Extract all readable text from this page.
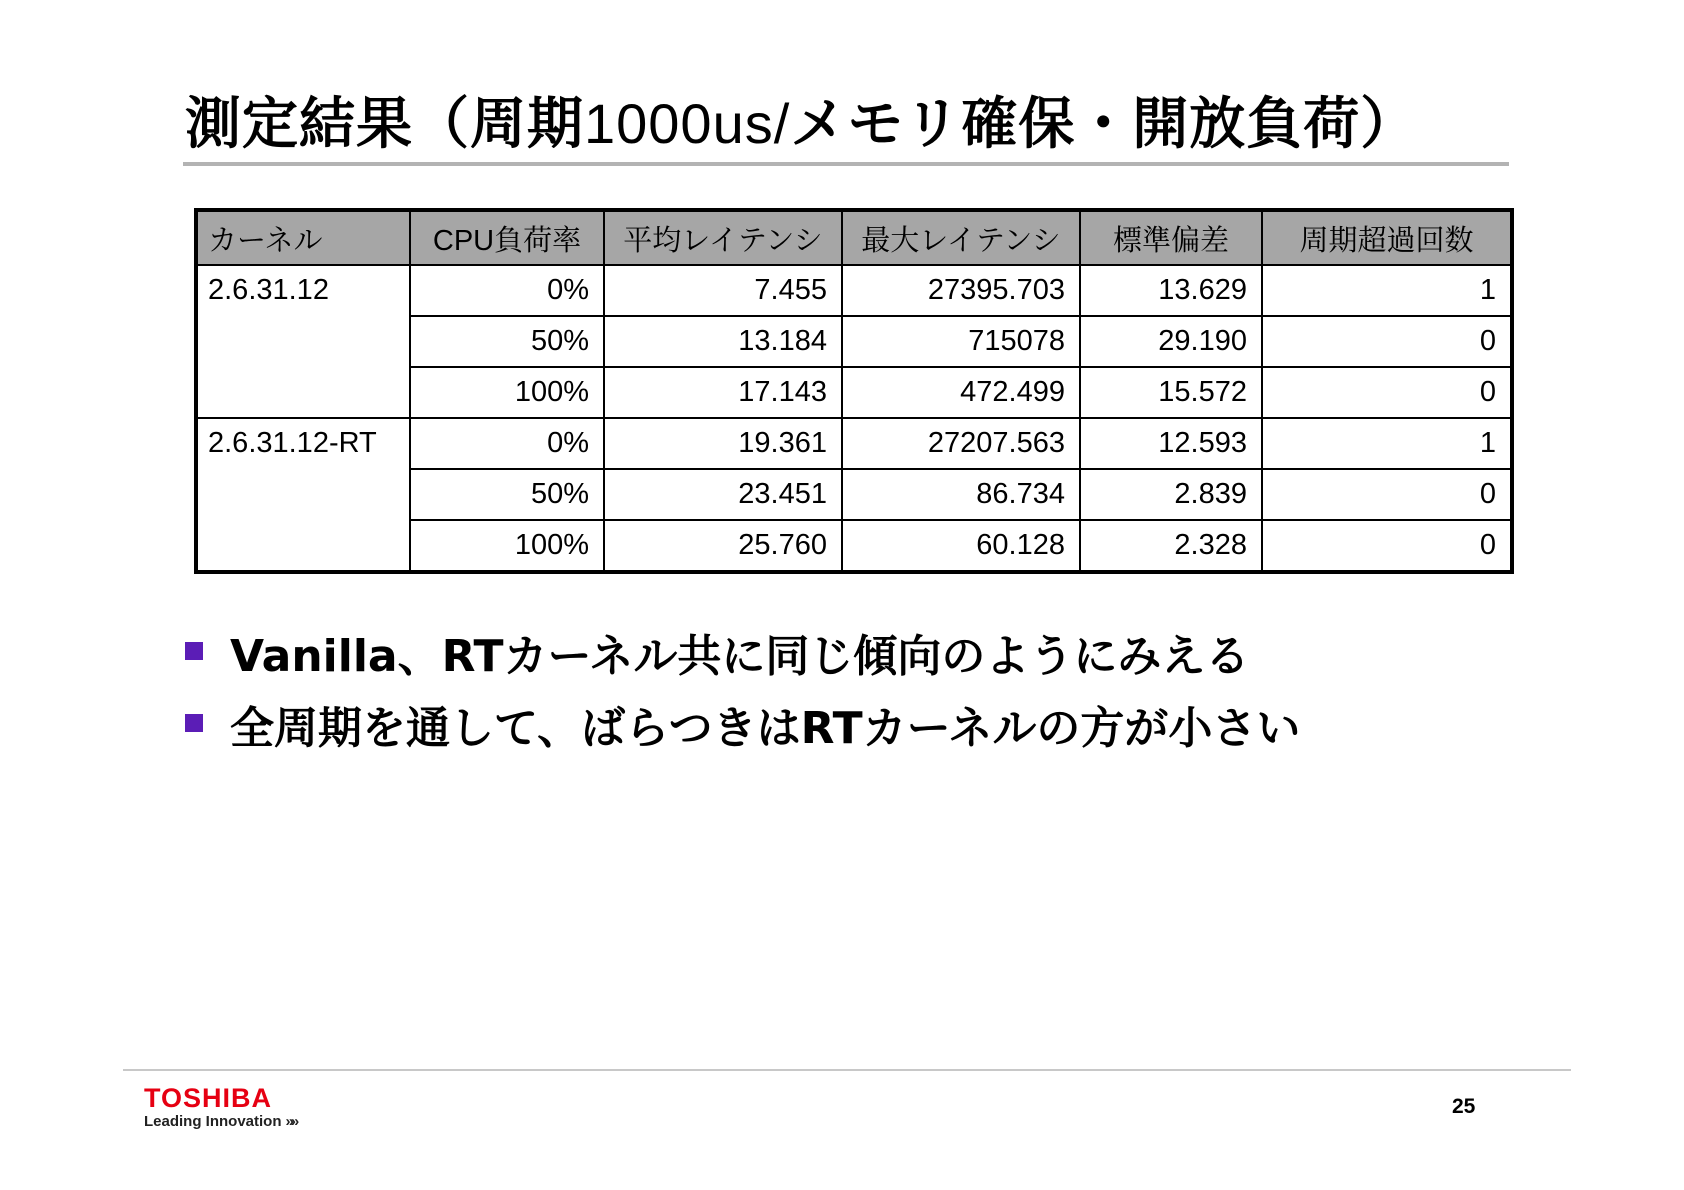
測定結果（周期1000us/メモリ確保・開放負荷）
カーネル	CPU負荷率	平均レイテンシ	最大レイテンシ	標準偏差	周期超過回数
2.6.31.12	0%	7.455	27395.703	13.629	1
	50%	13.184	715078	29.190	0
	100%	17.143	472.499	15.572	0
2.6.31.12-RT	0%	19.361	27207.563	12.593	1
	50%	23.451	86.734	2.839	0
	100%	25.760	60.128	2.328	0
Vanilla、RTカーネル共に同じ傾向のようにみえる
全周期を通して、ばらつきはRTカーネルの方が小さい
TOSHIBA
Leading Innovation »»
25
